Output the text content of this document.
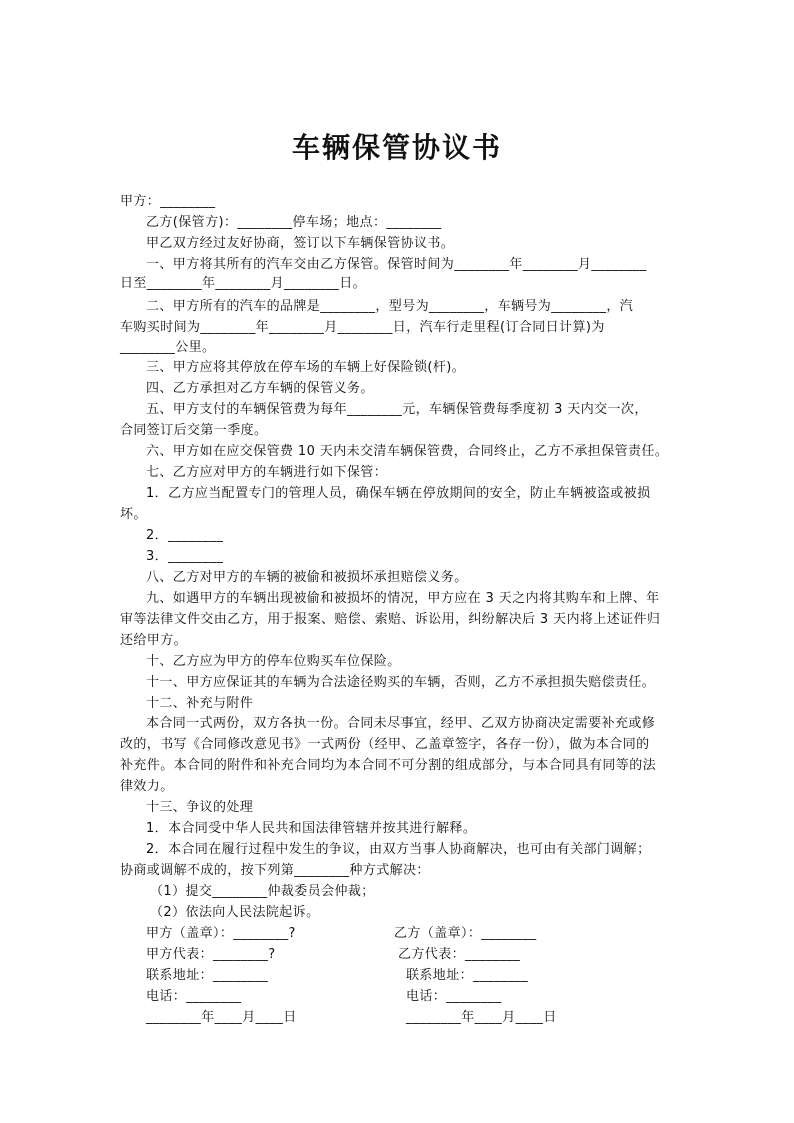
车辆保管协议书
甲方：________
乙方(保管方)：________停车场；地点：________
甲乙双方经过友好协商，签订以下车辆保管协议书。
一、甲方将其所有的汽车交由乙方保管。保管时间为________年________月________
日至________年________月________日。
二、甲方所有的汽车的品牌是________，型号为________，车辆号为________，汽
车购买时间为________年________月________日，汽车行走里程(订合同日计算)为
________公里。
三、甲方应将其停放在停车场的车辆上好保险锁(杆)。
四、乙方承担对乙方车辆的保管义务。
五、甲方支付的车辆保管费为每年________元，车辆保管费每季度初 3 天内交一次，
合同签订后交第一季度。
六、甲方如在应交保管费 10 天内未交清车辆保管费，合同终止，乙方不承担保管责任。
七、乙方应对甲方的车辆进行如下保管：
1．乙方应当配置专门的管理人员，确保车辆在停放期间的安全，防止车辆被盗或被损
坏。
2．________
3．________
八、乙方对甲方的车辆的被偷和被损坏承担赔偿义务。
九、如遇甲方的车辆出现被偷和被损坏的情况，甲方应在 3 天之内将其购车和上牌、年
审等法律文件交由乙方，用于报案、赔偿、索赔、诉讼用，纠纷解决后 3 天内将上述证件归
还给甲方。
十、乙方应为甲方的停车位购买车位保险。
十一、甲方应保证其的车辆为合法途径购买的车辆，否则，乙方不承担损失赔偿责任。
十二、补充与附件
本合同一式两份，双方各执一份。合同未尽事宜，经甲、乙双方协商决定需要补充或修
改的，书写《合同修改意见书》一式两份（经甲、乙盖章签字，各存一份），做为本合同的
补充件。本合同的附件和补充合同均为本合同不可分割的组成部分，与本合同具有同等的法
律效力。
十三、争议的处理
1．本合同受中华人民共和国法律管辖并按其进行解释。
2．本合同在履行过程中发生的争议，由双方当事人协商解决，也可由有关部门调解；
协商或调解不成的，按下列第________种方式解决：
（1）提交________仲裁委员会仲裁；
（2）依法向人民法院起诉。
甲方（盖章）：________?
甲方代表：________?
联系地址：________
电话：________
________年____月____日
乙方（盖章）：________
乙方代表：________
联系地址：________
电话：________
________年____月____日
